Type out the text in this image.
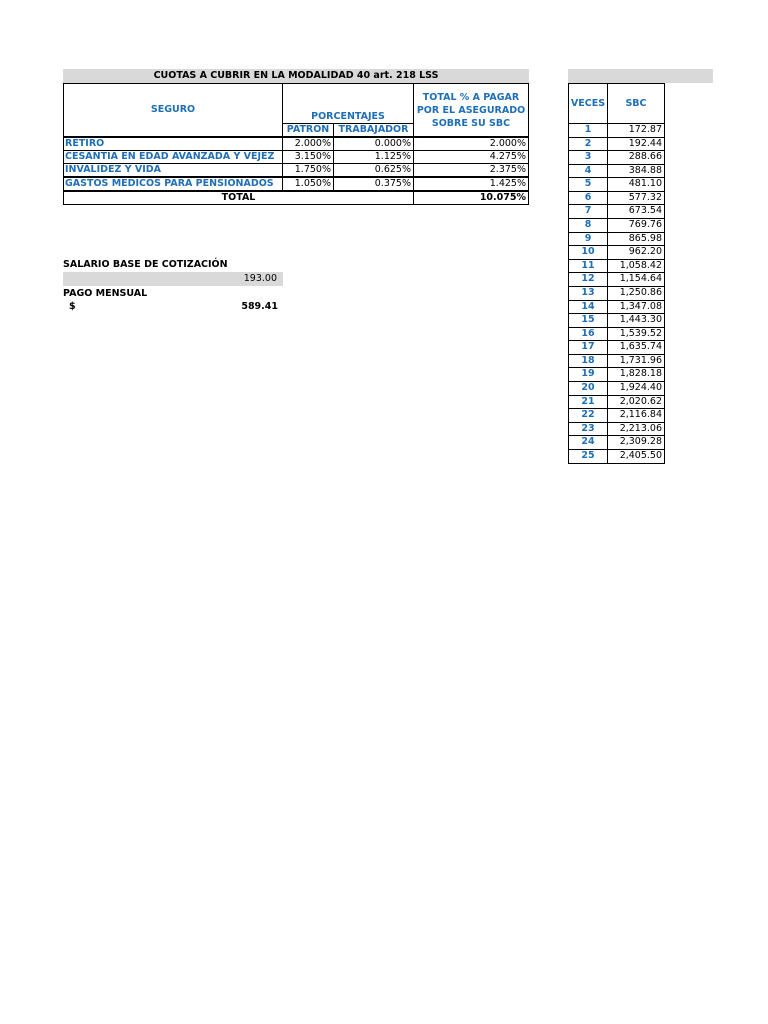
CUOTAS A CUBRIR EN LA MODALIDAD 40 art. 218 LSS
SEGURO
PORCENTAJES
PATRON TRABAJADOR
TOTAL % A PAGAR
POR EL ASEGURADO
SOBRE SU SBC
RETIRO	2.000%	0.000%	2.000%
CESANTIA EN EDAD AVANZADA Y VEJEZ	3.150%	1.125%	4.275%
INVALIDEZ Y VIDA	1.750%	0.625%	2.375%
GASTOS MEDICOS PARA PENSIONADOS	1.050%	0.375%	1.425%
TOTAL	10.075%
SALARIO BASE DE COTIZACIÓN
193.00
PAGO MENSUAL
$	589.41
VECES	SBC
1	172.87
2	192.44
3	288.66
4	384.88
5	481.10
6	577.32
7	673.54
8	769.76
9	865.98
10	962.20
11	1,058.42
12	1,154.64
13	1,250.86
14	1,347.08
15	1,443.30
16	1,539.52
17	1,635.74
18	1,731.96
19	1,828.18
20	1,924.40
21	2,020.62
22	2,116.84
23	2,213.06
24	2,309.28
25	2,405.50
